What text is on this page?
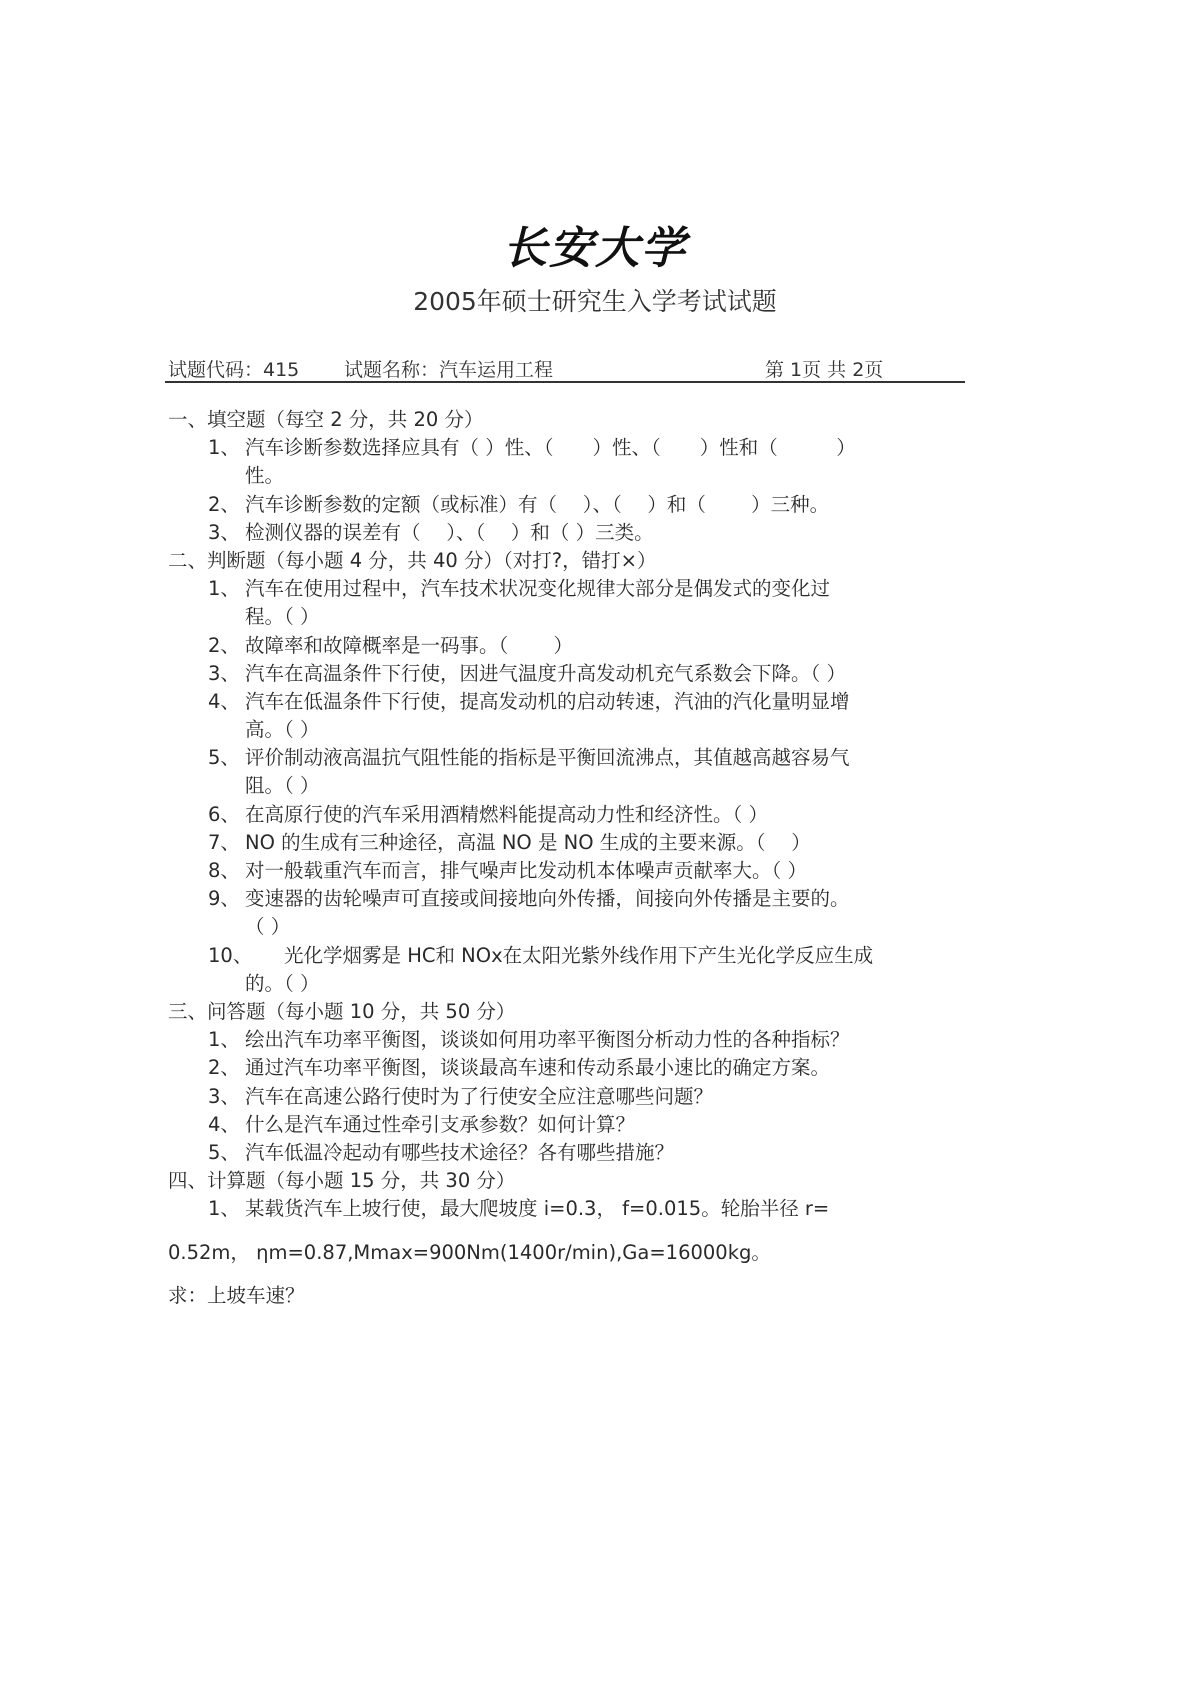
长安大学
2005年硕士研究生入学考试试题
试题代码：415 试题名称：汽车运用工程	第 1页 共 2页
一、填空题（每空 2 分，共 20 分）
1、 汽车诊断参数选择应具有（ ）性、（　　）性、（　　）性和（　　　）
性。
2、 汽车诊断参数的定额（或标准）有（　 ）、（　 ）和（　　 ）三种。
3、 检测仪器的误差有（　 ）、（　 ）和（ ）三类。
二、判断题（每小题 4 分，共 40 分）（对打?，错打×）
1、 汽车在使用过程中，汽车技术状况变化规律大部分是偶发式的变化过
程。（ ）
2、 故障率和故障概率是一码事。（　　 ）
3、 汽车在高温条件下行使，因进气温度升高发动机充气系数会下降。（ ）
4、 汽车在低温条件下行使，提高发动机的启动转速，汽油的汽化量明显增
高。（ ）
5、 评价制动液高温抗气阻性能的指标是平衡回流沸点，其值越高越容易气
阻。（ ）
6、 在高原行使的汽车采用酒精燃料能提高动力性和经济性。（ ）
7、 NO 的生成有三种途径，高温 NO 是 NO 生成的主要来源。（　 ）
8、 对一般载重汽车而言，排气噪声比发动机本体噪声贡献率大。（ ）
9、 变速器的齿轮噪声可直接或间接地向外传播，间接向外传播是主要的。
（ ）
10、 光化学烟雾是 HC和 NOx在太阳光紫外线作用下产生光化学反应生成
的。（ ）
三、问答题（每小题 10 分，共 50 分）
1、 绘出汽车功率平衡图，谈谈如何用功率平衡图分析动力性的各种指标？
2、 通过汽车功率平衡图，谈谈最高车速和传动系最小速比的确定方案。
3、 汽车在高速公路行使时为了行使安全应注意哪些问题？
4、 什么是汽车通过性牵引支承参数？如何计算？
5、 汽车低温冷起动有哪些技术途径？各有哪些措施？
四、计算题（每小题 15 分，共 30 分）
1、 某载货汽车上坡行使，最大爬坡度 i=0.3， f=0.015。轮胎半径 r=
0.52m， ηm=0.87,Mmax=900Nm(1400r/min),Ga=16000kg。
求：上坡车速？
